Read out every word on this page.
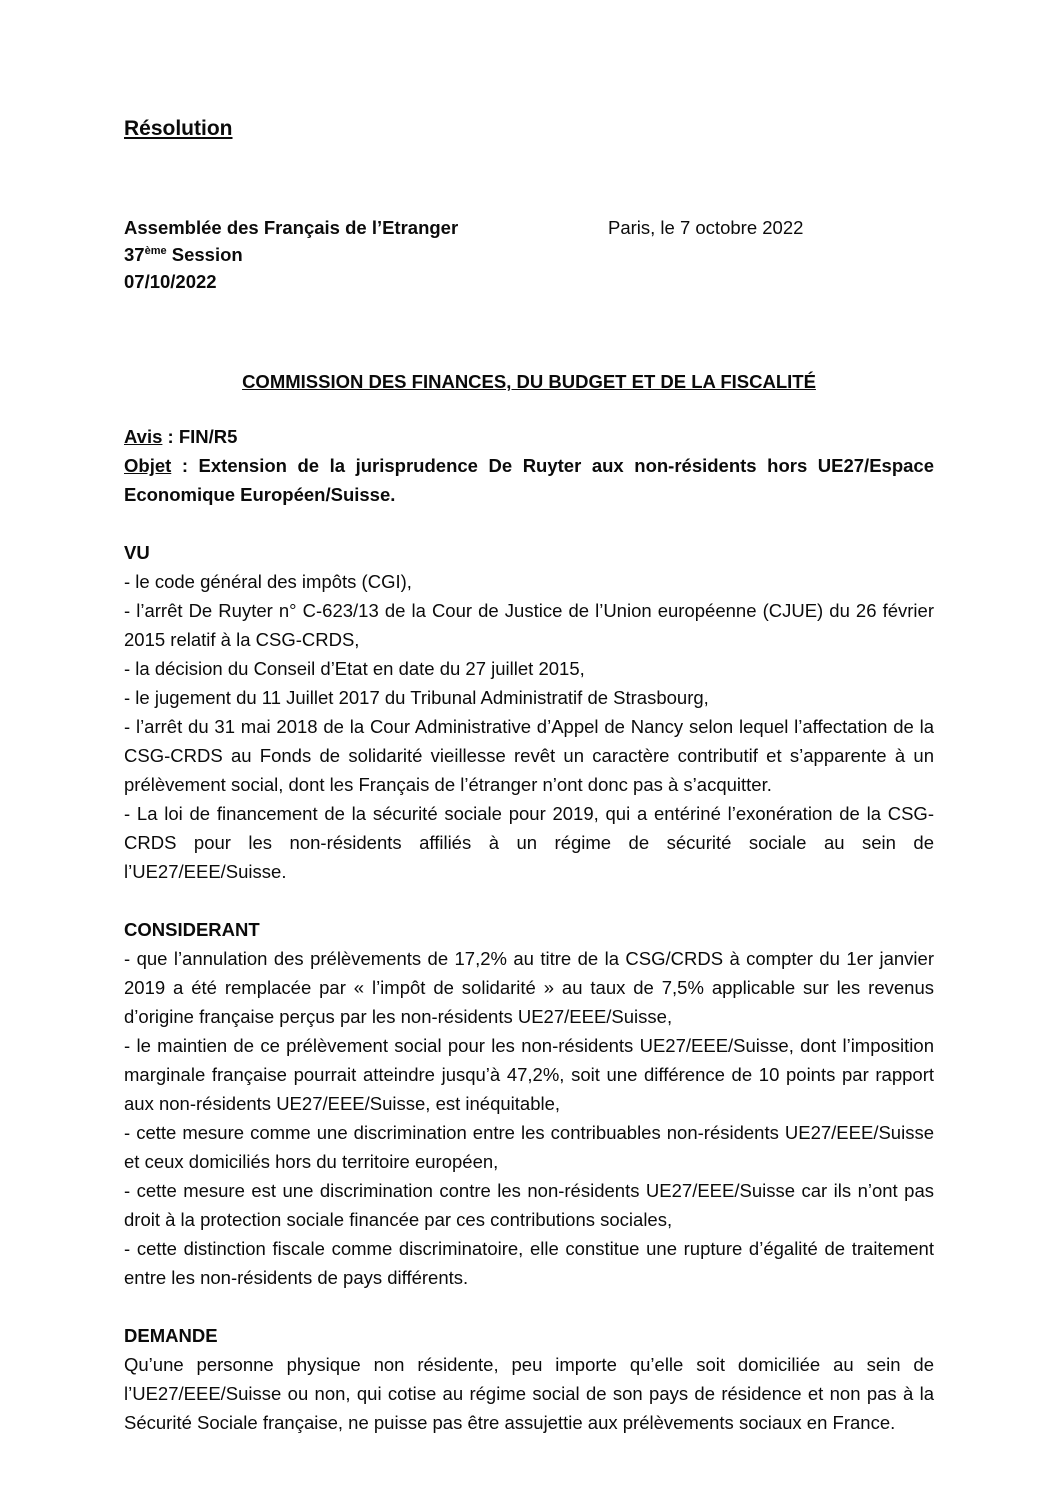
Résolution
Assemblée des Français de l’Etranger
37ème Session
07/10/2022
Paris, le 7 octobre 2022
COMMISSION DES FINANCES, DU BUDGET ET DE LA FISCALITÉ

Avis : FIN/R5

Objet : Extension de la jurisprudence De Ruyter aux non-résidents hors UE27/Espace Economique Européen/Suisse.

VU

- le code général des impôts (CGI),

- l’arrêt De Ruyter n° C-623/13 de la Cour de Justice de l’Union européenne (CJUE) du 26 février 2015 relatif à la CSG-CRDS,

- la décision du Conseil d’Etat en date du 27 juillet 2015,

- le jugement du 11 Juillet 2017 du Tribunal Administratif de Strasbourg,

- l’arrêt du 31 mai 2018 de la Cour Administrative d’Appel de Nancy selon lequel l’affectation de la CSG-CRDS au Fonds de solidarité vieillesse revêt un caractère contributif et s’apparente à un prélèvement social, dont les Français de l’étranger n’ont donc pas à s’acquitter.

- La loi de financement de la sécurité sociale pour 2019, qui a entériné l’exonération de la CSG-CRDS pour les non-résidents affiliés à un régime de sécurité sociale au sein de l’UE27/EEE/Suisse.

CONSIDERANT

- que l’annulation des prélèvements de 17,2% au titre de la CSG/CRDS à compter du 1er janvier 2019 a été remplacée par « l’impôt de solidarité » au taux de 7,5% applicable sur les revenus d’origine française perçus par les non-résidents UE27/EEE/Suisse,

- le maintien de ce prélèvement social pour les non-résidents UE27/EEE/Suisse, dont l’imposition marginale française pourrait atteindre jusqu’à 47,2%, soit une différence de 10 points par rapport aux non-résidents UE27/EEE/Suisse, est inéquitable,

- cette mesure comme une discrimination entre les contribuables non-résidents UE27/EEE/Suisse et ceux domiciliés hors du territoire européen,

- cette mesure est une discrimination contre les non-résidents UE27/EEE/Suisse car ils n’ont pas droit à la protection sociale financée par ces contributions sociales,

- cette distinction fiscale comme discriminatoire, elle constitue une rupture d’égalité de traitement entre les non-résidents de pays différents.

DEMANDE

Qu’une personne physique non résidente, peu importe qu’elle soit domiciliée au sein de l’UE27/EEE/Suisse ou non, qui cotise au régime social de son pays de résidence et non pas à la Sécurité Sociale française, ne puisse pas être assujettie aux prélèvements sociaux en France.
